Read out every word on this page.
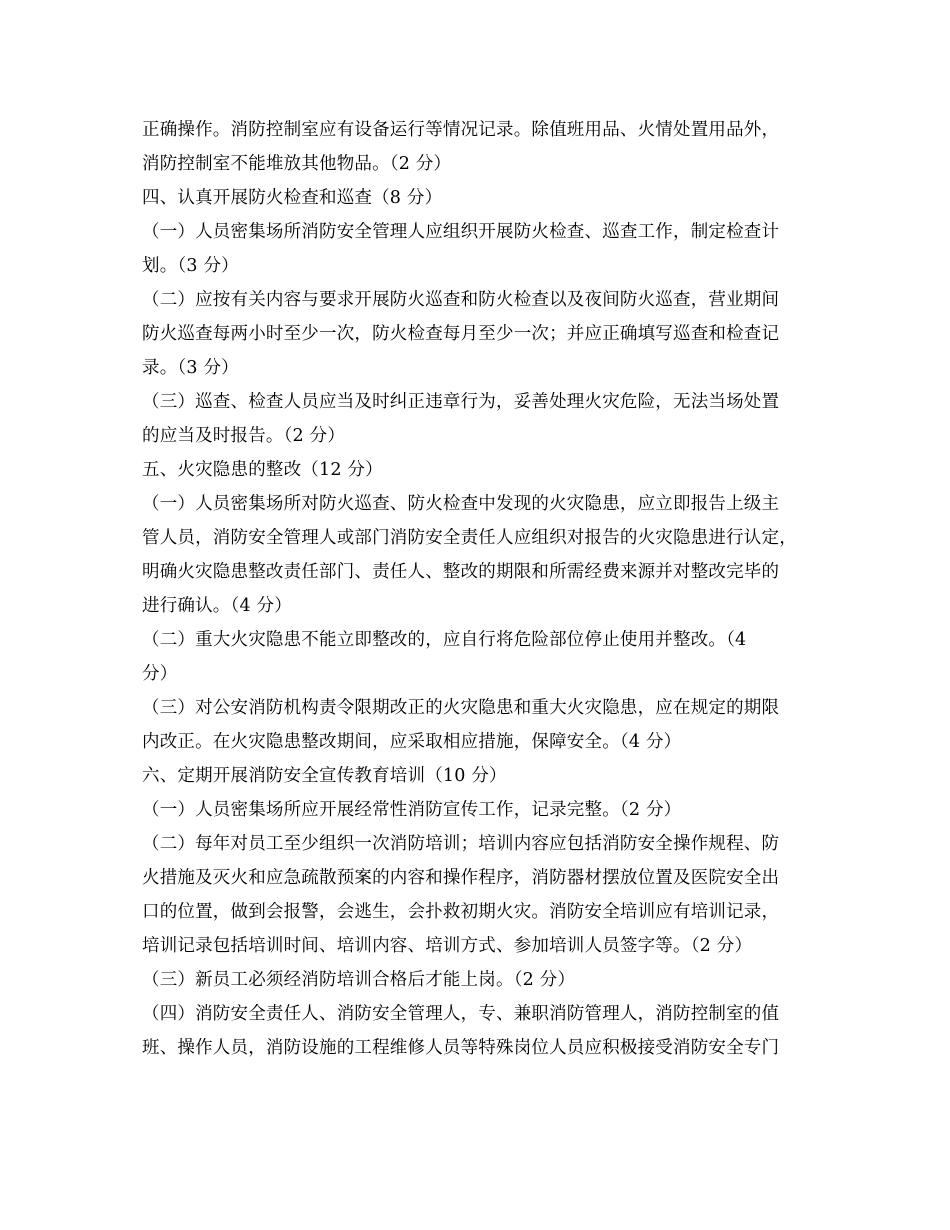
正确操作。消防控制室应有设备运行等情况记录。除值班用品、火情处置用品外，
消防控制室不能堆放其他物品。（2 分）
四、认真开展防火检查和巡查（8 分）
（一）人员密集场所消防安全管理人应组织开展防火检查、巡查工作，制定检查计
划。（3 分）
（二）应按有关内容与要求开展防火巡查和防火检查以及夜间防火巡查，营业期间
防火巡查每两小时至少一次，防火检查每月至少一次；并应正确填写巡查和检查记
录。（3 分）
（三）巡查、检查人员应当及时纠正违章行为，妥善处理火灾危险，无法当场处置
的应当及时报告。（2 分）
五、火灾隐患的整改（12 分）
（一）人员密集场所对防火巡查、防火检查中发现的火灾隐患，应立即报告上级主
管人员，消防安全管理人或部门消防安全责任人应组织对报告的火灾隐患进行认定，
明确火灾隐患整改责任部门、责任人、整改的期限和所需经费来源并对整改完毕的
进行确认。（4 分）
（二）重大火灾隐患不能立即整改的，应自行将危险部位停止使用并整改。（4
分）
（三）对公安消防机构责令限期改正的火灾隐患和重大火灾隐患，应在规定的期限
内改正。在火灾隐患整改期间，应采取相应措施，保障安全。（4 分）
六、定期开展消防安全宣传教育培训（10 分）
（一）人员密集场所应开展经常性消防宣传工作，记录完整。（2 分）
（二）每年对员工至少组织一次消防培训；培训内容应包括消防安全操作规程、防
火措施及灭火和应急疏散预案的内容和操作程序，消防器材摆放位置及医院安全出
口的位置，做到会报警，会逃生，会扑救初期火灾。消防安全培训应有培训记录，
培训记录包括培训时间、培训内容、培训方式、参加培训人员签字等。（2 分）
（三）新员工必须经消防培训合格后才能上岗。（2 分）
（四）消防安全责任人、消防安全管理人，专、兼职消防管理人，消防控制室的值
班、操作人员，消防设施的工程维修人员等特殊岗位人员应积极接受消防安全专门
